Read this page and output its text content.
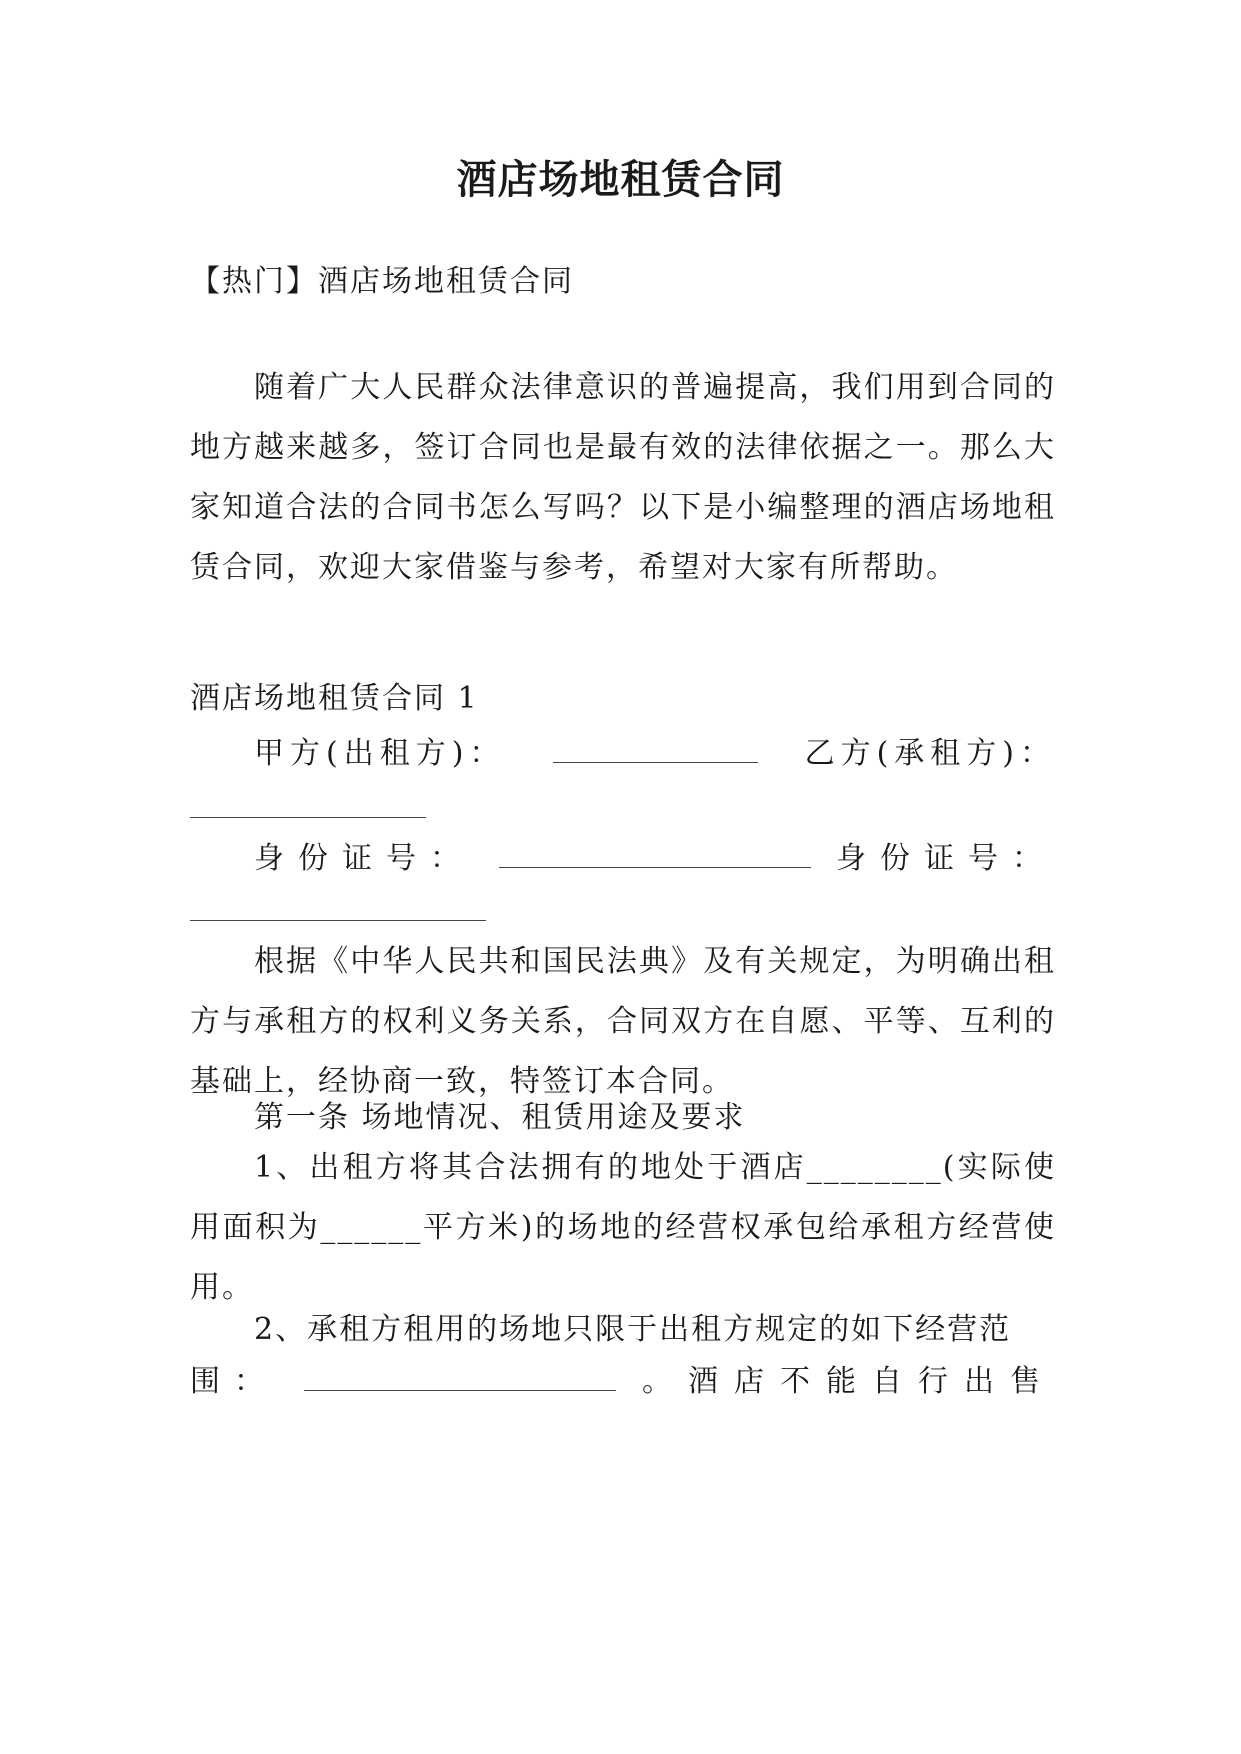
酒店场地租赁合同
【热门】酒店场地租赁合同
随着广大人民群众法律意识的普遍提高，我们用到合同的地方越来越多，签订合同也是最有效的法律依据之一。那么大家知道合法的合同书怎么写吗？以下是小编整理的酒店场地租赁合同，欢迎大家借鉴与参考，希望对大家有所帮助。
酒店场地租赁合同 1
甲方(出租方)：	乙方(承租方)：
身份证号：	身份证号：
根据《中华人民共和国民法典》及有关规定，为明确出租方与承租方的权利义务关系，合同双方在自愿、平等、互利的基础上，经协商一致，特签订本合同。
第一条 场地情况、租赁用途及要求
1、出租方将其合法拥有的地处于酒店________(实际使用面积为______平方米)的场地的经营权承包给承租方经营使用。
2、承租方租用的场地只限于出租方规定的如下经营范
围：	。酒店不能自行出售
